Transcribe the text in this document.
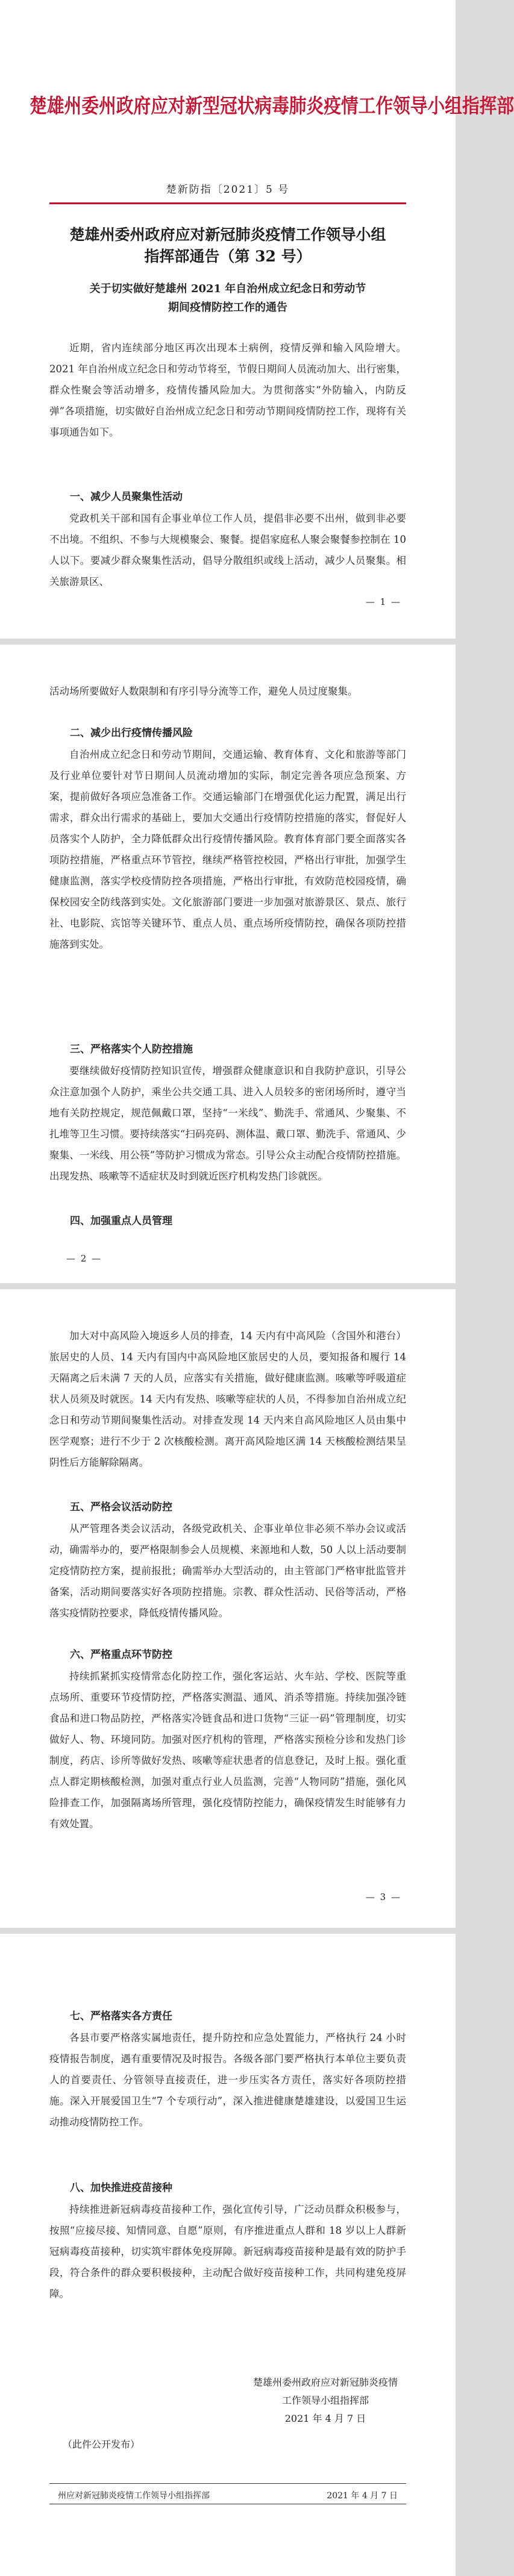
楚雄州委州政府应对新型冠状病毒肺炎疫情工作领导小组指挥部
楚新防指〔2021〕5 号
楚雄州委州政府应对新冠肺炎疫情工作领导小组
指挥部通告（第 32 号）
关于切实做好楚雄州 2021 年自治州成立纪念日和劳动节
期间疫情防控工作的通告

近期，省内连续部分地区再次出现本土病例，疫情反弹和输入风险增大。2021 年自治州成立纪念日和劳动节将至，节假日期间人员流动加大、出行密集，群众性聚会等活动增多，疫情传播风险加大。为贯彻落实“外防输入，内防反弹”各项措施，切实做好自治州成立纪念日和劳动节期间疫情防控工作，现将有关事项通告如下。

一、减少人员聚集性活动

党政机关干部和国有企事业单位工作人员，提倡非必要不出州，做到非必要不出境。不组织、不参与大规模聚会、聚餐。提倡家庭私人聚会聚餐参控制在 10 人以下。要减少群众聚集性活动，倡导分散组织或线上活动，减少人员聚集。相关旅游景区、

— 1 —

活动场所要做好人数限制和有序引导分流等工作，避免人员过度聚集。

二、减少出行疫情传播风险

自治州成立纪念日和劳动节期间，交通运输、教育体育、文化和旅游等部门及行业单位要针对节日期间人员流动增加的实际，制定完善各项应急预案、方案，提前做好各项应急准备工作。交通运输部门在增强优化运力配置，满足出行需求，群众出行需求的基础上，要加大交通出行疫情防控措施的落实，督促好人员落实个人防护，全力降低群众出行疫情传播风险。教育体育部门要全面落实各项防控措施，严格重点环节管控，继续严格管控校园，严格出行审批，加强学生健康监测，落实学校疫情防控各项措施，严格出行审批，有效防范校园疫情，确保校园安全防线落到实处。文化旅游部门要进一步加强对旅游景区、景点、旅行社、电影院、宾馆等关键环节、重点人员、重点场所疫情防控，确保各项防控措施落到实处。

三、严格落实个人防控措施

要继续做好疫情防控知识宣传，增强群众健康意识和自我防护意识，引导公众注意加强个人防护，乘坐公共交通工具、进入人员较多的密闭场所时，遵守当地有关防控规定，规范佩戴口罩，坚持“一米线”、勤洗手、常通风、少聚集、不扎堆等卫生习惯。要持续落实“扫码亮码、测体温、戴口罩、勤洗手、常通风、少聚集、一米线、用公筷”等防护习惯成为常态。引导公众主动配合疫情防控措施。出现发热、咳嗽等不适症状及时到就近医疗机构发热门诊就医。

四、加强重点人员管理

— 2 —

加大对中高风险入境返乡人员的排查，14 天内有中高风险（含国外和港台）旅居史的人员、14 天内有国内中高风险地区旅居史的人员，要知报备和履行 14 天隔离之后未满 7 天的人员，应落实有关措施，做好健康监测。咳嗽等呼吸道症状人员须及时就医。14 天内有发热、咳嗽等症状的人员，不得参加自治州成立纪念日和劳动节期间聚集性活动。对排查发现 14 天内来自高风险地区人员由集中医学观察；进行不少于 2 次核酸检测。离开高风险地区满 14 天核酸检测结果呈阴性后方能解除隔离。

五、严格会议活动防控

从严管理各类会议活动，各级党政机关、企事业单位非必须不举办会议或活动，确需举办的，要严格限制参会人员规模、来源地和人数，50 人以上活动要制定疫情防控方案，提前报批；确需举办大型活动的，由主管部门严格审批监管并备案，活动期间要落实好各项防控措施。宗教、群众性活动、民俗等活动，严格落实疫情防控要求，降低疫情传播风险。

六、严格重点环节防控

持续抓紧抓实疫情常态化防控工作，强化客运站、火车站、学校、医院等重点场所、重要环节疫情防控，严格落实测温、通风、消杀等措施。持续加强冷链食品和进口物品防控，严格落实冷链食品和进口货物“三证一码”管理制度，切实做好人、物、环境同防。加强对医疗机构的管理，严格落实预检分诊和发热门诊制度，药店、诊所等做好发热、咳嗽等症状患者的信息登记，及时上报。强化重点人群定期核酸检测，加强对重点行业人员监测，完善“人物同防”措施，强化风险排查工作，加强隔离场所管理，强化疫情防控能力，确保疫情发生时能够有力有效处置。

— 3 —

七、严格落实各方责任

各县市要严格落实属地责任，提升防控和应急处置能力，严格执行 24 小时疫情报告制度，遇有重要情况及时报告。各级各部门要严格执行本单位主要负责人的首要责任、分管领导直接责任，进一步压实各方责任，落实好各项防控措施。深入开展爱国卫生“7 个专项行动”，深入推进健康楚雄建设，以爱国卫生运动推动疫情防控工作。

八、加快推进疫苗接种

持续推进新冠病毒疫苗接种工作，强化宣传引导，广泛动员群众积极参与，按照“应接尽接、知情同意、自愿”原则，有序推进重点人群和 18 岁以上人群新冠病毒疫苗接种，切实筑牢群体免疫屏障。新冠病毒疫苗接种是最有效的防护手段，符合条件的群众要积极接种，主动配合做好疫苗接种工作，共同构建免疫屏障。

楚雄州委州政府应对新冠肺炎疫情
工作领导小组指挥部
2021 年 4 月 7 日
（此件公开发布）
州应对新冠肺炎疫情工作领导小组指挥部	2021 年 4 月 7 日
